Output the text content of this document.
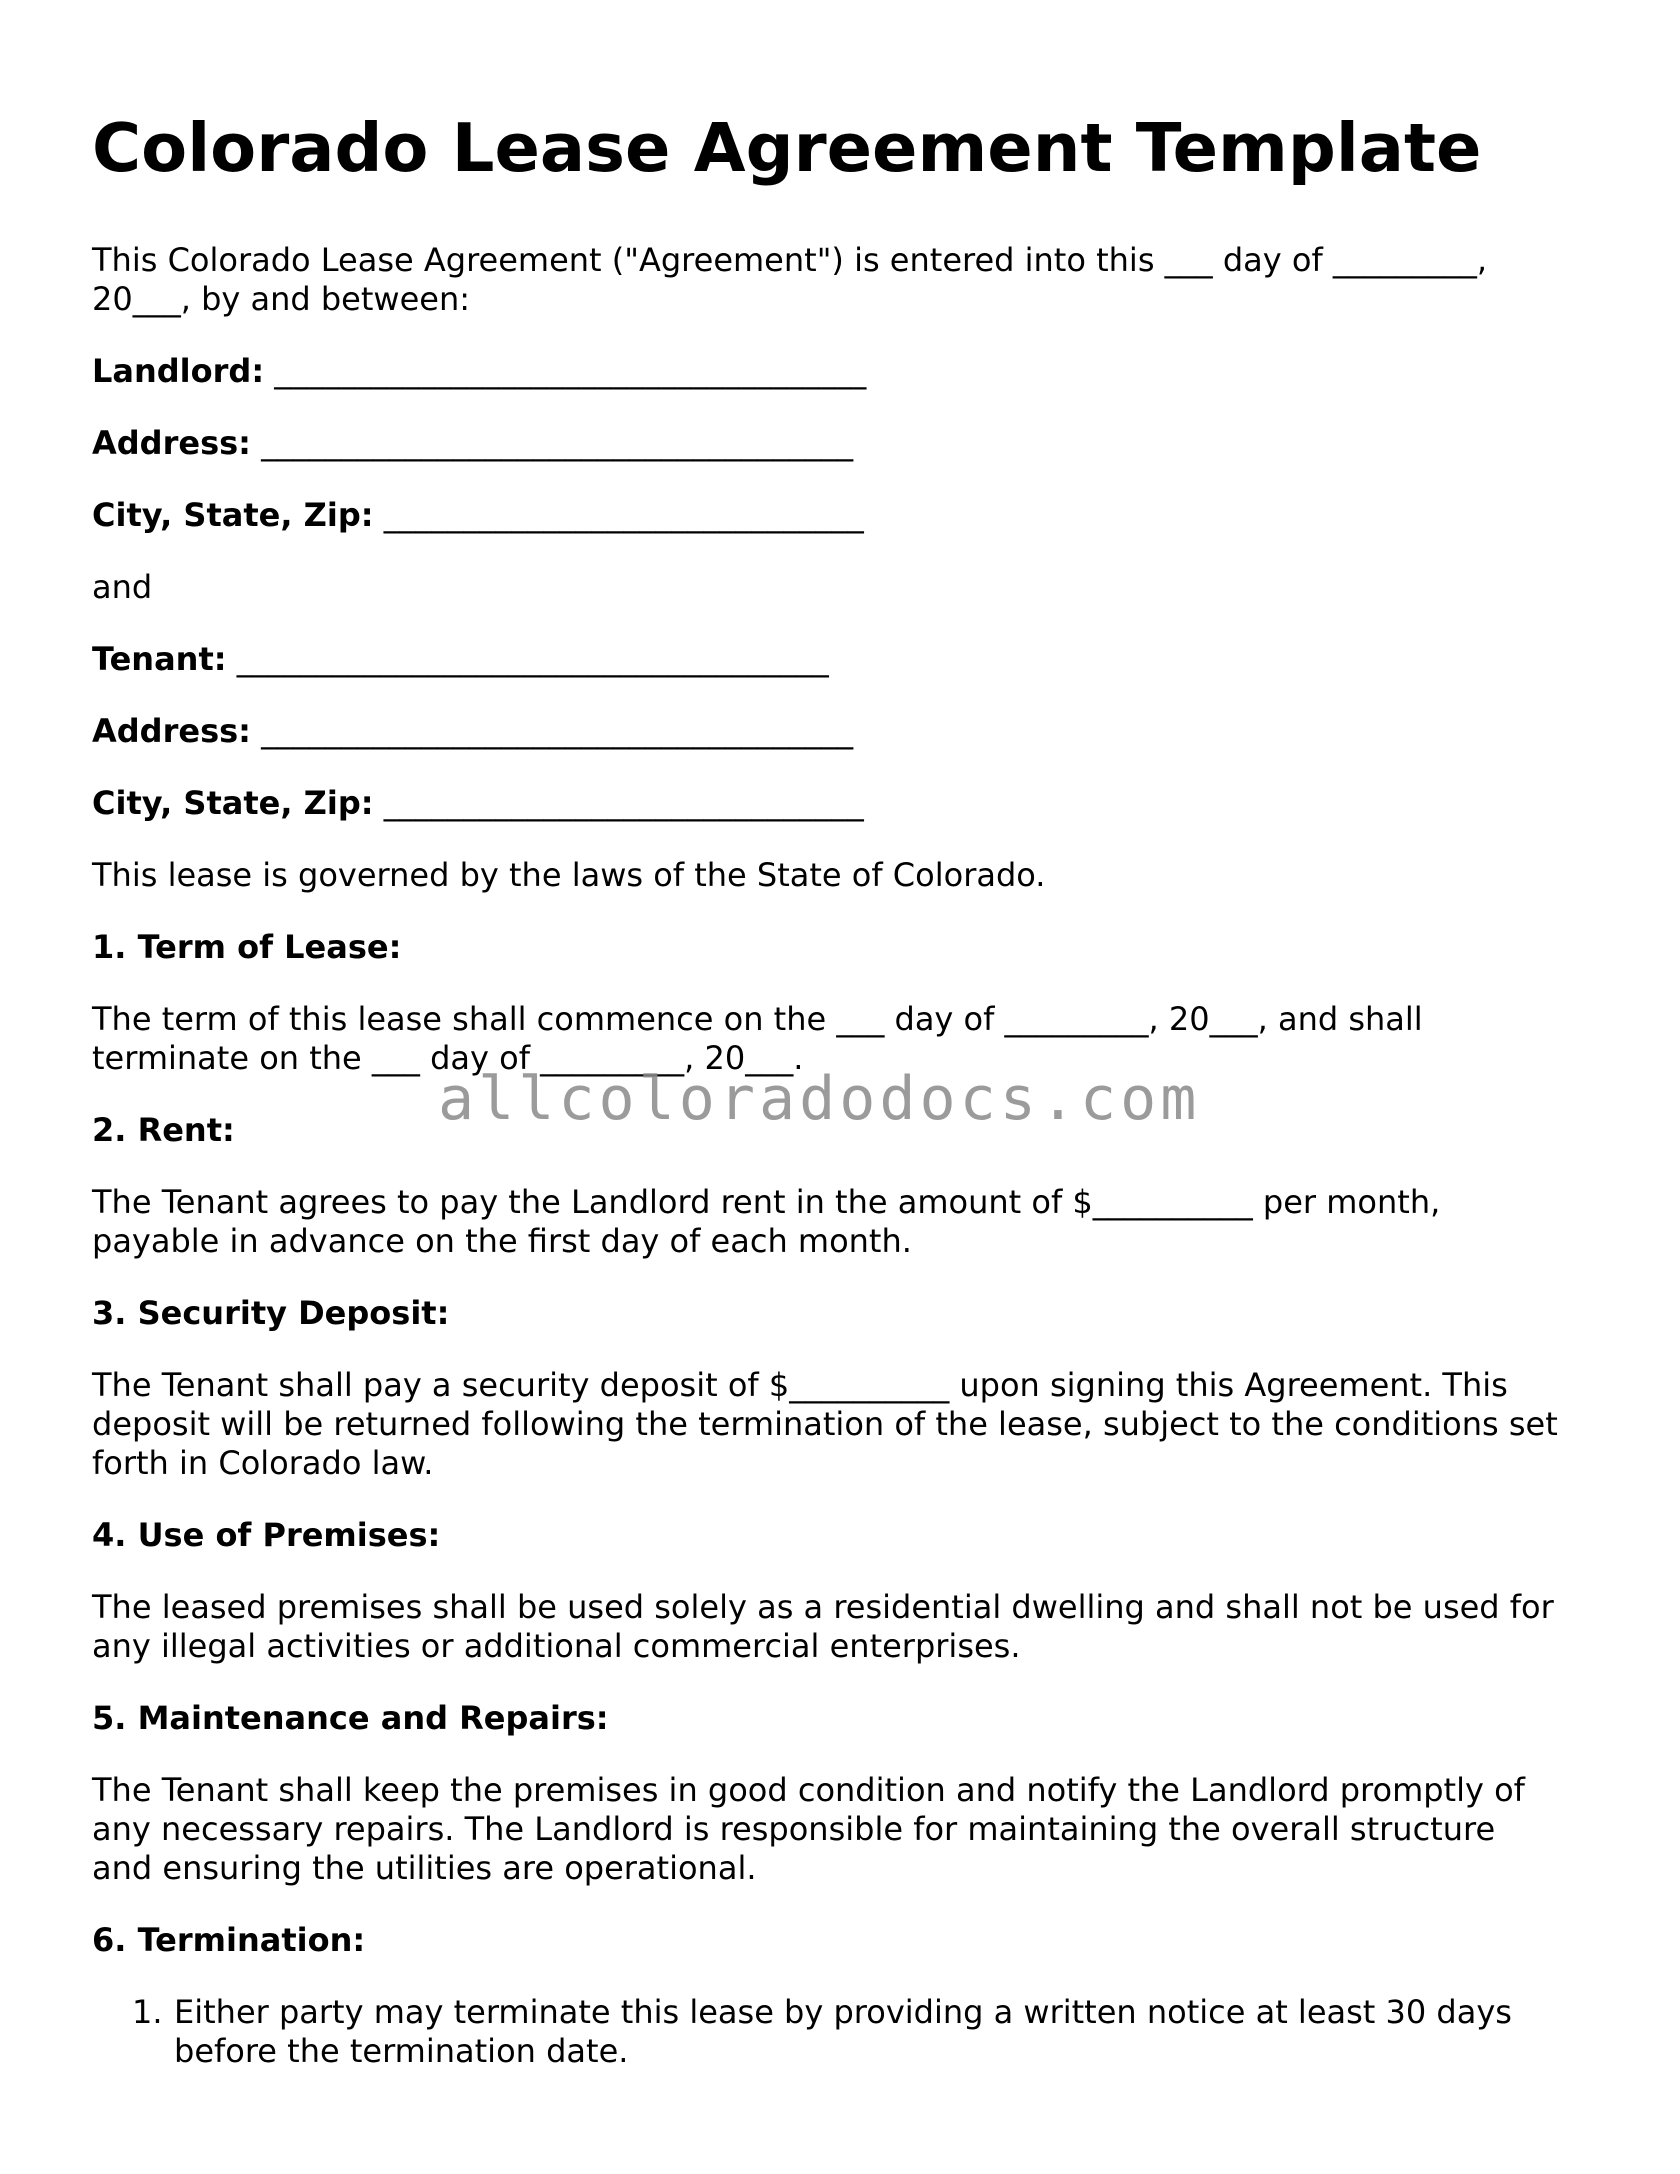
Colorado Lease Agreement Template

This Colorado Lease Agreement ("Agreement") is entered into this ___ day of _________,

20___, by and between:

Landlord: _____________________________________

Address: _____________________________________

City, State, Zip: ______________________________

and

Tenant: _____________________________________

Address: _____________________________________

City, State, Zip: ______________________________

This lease is governed by the laws of the State of Colorado.

1. Term of Lease:

The term of this lease shall commence on the ___ day of _________, 20___, and shall

terminate on the ___ day of _________, 20___.

2. Rent:

The Tenant agrees to pay the Landlord rent in the amount of $__________ per month,

payable in advance on the first day of each month.

3. Security Deposit:

The Tenant shall pay a security deposit of $__________ upon signing this Agreement. This

deposit will be returned following the termination of the lease, subject to the conditions set

forth in Colorado law.

4. Use of Premises:

The leased premises shall be used solely as a residential dwelling and shall not be used for

any illegal activities or additional commercial enterprises.

5. Maintenance and Repairs:

The Tenant shall keep the premises in good condition and notify the Landlord promptly of

any necessary repairs. The Landlord is responsible for maintaining the overall structure

and ensuring the utilities are operational.

6. Termination:

1. Either party may terminate this lease by providing a written notice at least 30 days
before the termination date.
allcoloradodocs.com
